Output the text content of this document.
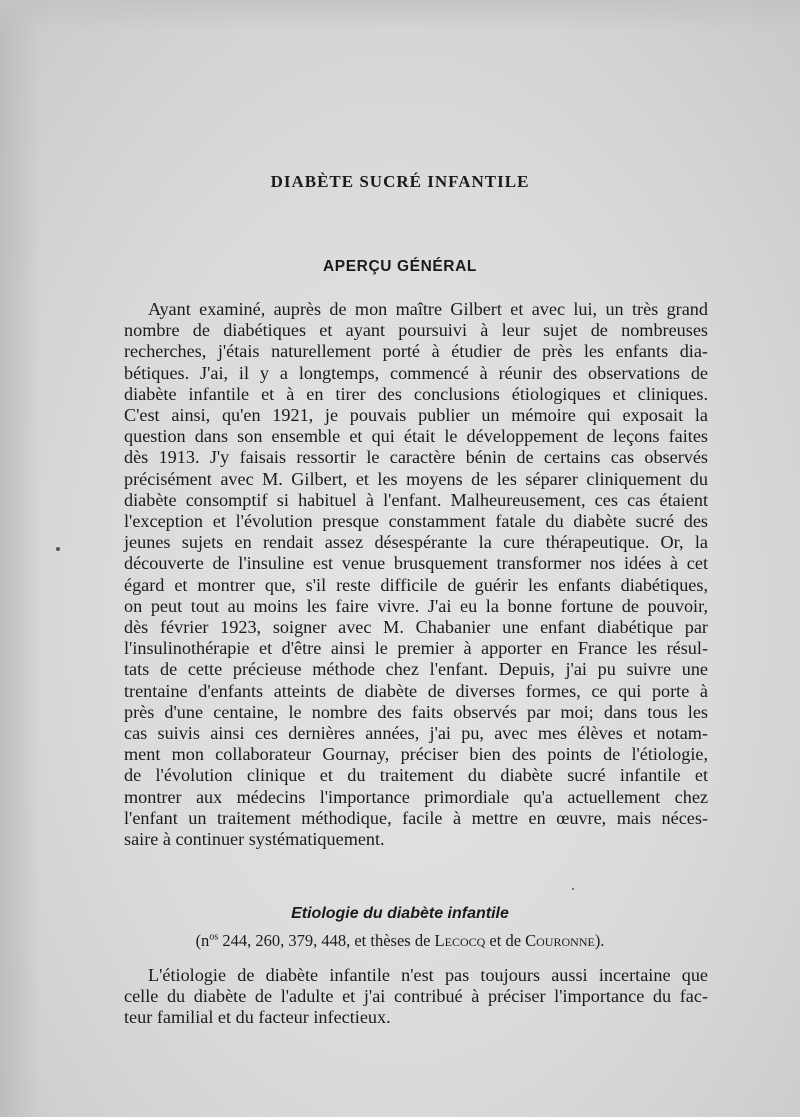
DIABÈTE SUCRÉ INFANTILE
APERÇU GÉNÉRAL
Ayant examiné, auprès de mon maître Gilbert et avec lui, un très grand
nombre de diabétiques et ayant poursuivi à leur sujet de nombreuses
recherches, j'étais naturellement porté à étudier de près les enfants dia-
bétiques. J'ai, il y a longtemps, commencé à réunir des observations de
diabète infantile et à en tirer des conclusions étiologiques et cliniques.
C'est ainsi, qu'en 1921, je pouvais publier un mémoire qui exposait la
question dans son ensemble et qui était le développement de leçons faites
dès 1913. J'y faisais ressortir le caractère bénin de certains cas observés
précisément avec M. Gilbert, et les moyens de les séparer cliniquement du
diabète consomptif si habituel à l'enfant. Malheureusement, ces cas étaient
l'exception et l'évolution presque constamment fatale du diabète sucré des
jeunes sujets en rendait assez désespérante la cure thérapeutique. Or, la
découverte de l'insuline est venue brusquement transformer nos idées à cet
égard et montrer que, s'il reste difficile de guérir les enfants diabétiques,
on peut tout au moins les faire vivre. J'ai eu la bonne fortune de pouvoir,
dès février 1923, soigner avec M. Chabanier une enfant diabétique par
l'insulinothérapie et d'être ainsi le premier à apporter en France les résul-
tats de cette précieuse méthode chez l'enfant. Depuis, j'ai pu suivre une
trentaine d'enfants atteints de diabète de diverses formes, ce qui porte à
près d'une centaine, le nombre des faits observés par moi; dans tous les
cas suivis ainsi ces dernières années, j'ai pu, avec mes élèves et notam-
ment mon collaborateur Gournay, préciser bien des points de l'étiologie,
de l'évolution clinique et du traitement du diabète sucré infantile et
montrer aux médecins l'importance primordiale qu'a actuellement chez
l'enfant un traitement méthodique, facile à mettre en œuvre, mais néces-
saire à continuer systématiquement.
Etiologie du diabète infantile

($n^{os}$ 244, 260, 379, 448, et thèses de Lecocq et de Couronne).

L'étiologie de diabète infantile n'est pas toujours aussi incertaine que
celle du diabète de l'adulte et j'ai contribué à préciser l'importance du fac-
teur familial et du facteur infectieux.
